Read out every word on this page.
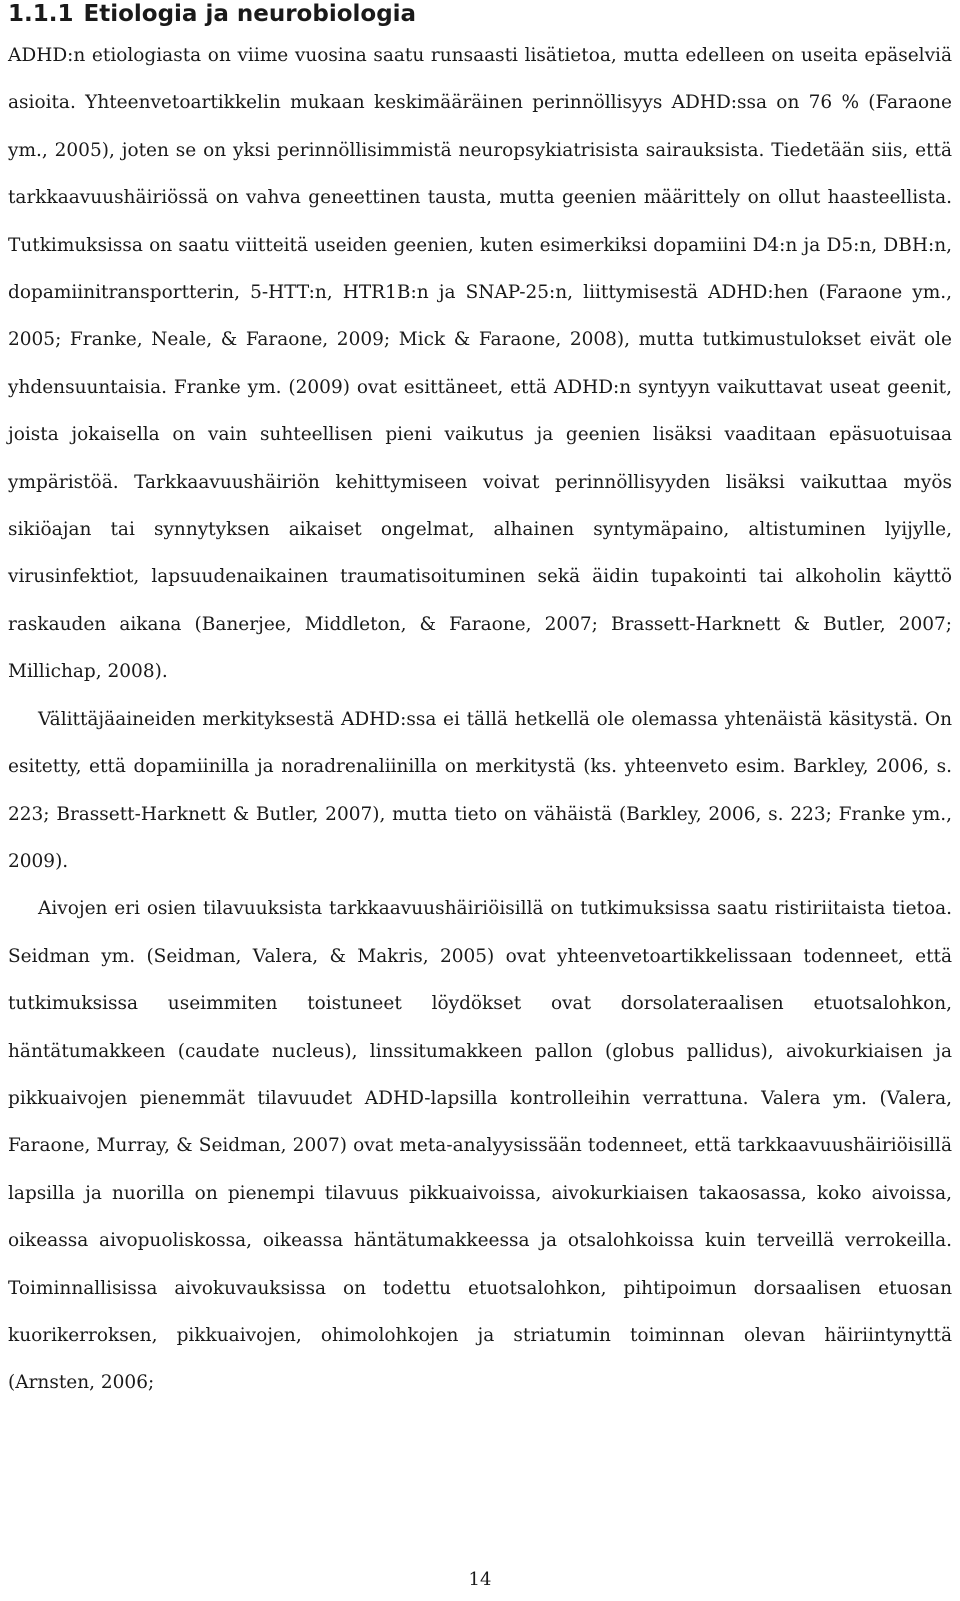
1.1.1 Etiologia ja neurobiologia

ADHD:n etiologiasta on viime vuosina saatu runsaasti lisätietoa, mutta edelleen on useita epäselviä asioita. Yhteenvetoartikkelin mukaan keskimääräinen perinnöllisyys ADHD:ssa on 76 % (Faraone ym., 2005), joten se on yksi perinnöllisimmistä neuropsykiatrisista sairauksista. Tiedetään siis, että tarkkaavuushäiriössä on vahva geneettinen tausta, mutta geenien määrittely on ollut haasteellista. Tutkimuksissa on saatu viitteitä useiden geenien, kuten esimerkiksi dopamiini D4:n ja D5:n, DBH:n, dopamiinitransportterin, 5-HTT:n, HTR1B:n ja SNAP-25:n, liittymisestä ADHD:hen (Faraone ym., 2005; Franke, Neale, & Faraone, 2009; Mick & Faraone, 2008), mutta tutkimustulokset eivät ole yhdensuuntaisia. Franke ym. (2009) ovat esittäneet, että ADHD:n syntyyn vaikuttavat useat geenit, joista jokaisella on vain suhteellisen pieni vaikutus ja geenien lisäksi vaaditaan epäsuotuisaa ympäristöä. Tarkkaavuushäiriön kehittymiseen voivat perinnöllisyyden lisäksi vaikuttaa myös sikiöajan tai synnytyksen aikaiset ongelmat, alhainen syntymäpaino, altistuminen lyijylle, virusinfektiot, lapsuudenaikainen traumatisoituminen sekä äidin tupakointi tai alkoholin käyttö raskauden aikana (Banerjee, Middleton, & Faraone, 2007; Brassett-Harknett & Butler, 2007; Millichap, 2008).

Välittäjäaineiden merkityksestä ADHD:ssa ei tällä hetkellä ole olemassa yhtenäistä käsitystä. On esitetty, että dopamiinilla ja noradrenaliinilla on merkitystä (ks. yhteenveto esim. Barkley, 2006, s. 223; Brassett-Harknett & Butler, 2007), mutta tieto on vähäistä (Barkley, 2006, s. 223; Franke ym., 2009).

Aivojen eri osien tilavuuksista tarkkaavuushäiriöisillä on tutkimuksissa saatu ristiriitaista tietoa. Seidman ym. (Seidman, Valera, & Makris, 2005) ovat yhteenvetoartikkelissaan todenneet, että tutkimuksissa useimmiten toistuneet löydökset ovat dorsolateraalisen etuotsalohkon, häntätumakkeen (caudate nucleus), linssitumakkeen pallon (globus pallidus), aivokurkiaisen ja pikkuaivojen pienemmät tilavuudet ADHD-lapsilla kontrolleihin verrattuna. Valera ym. (Valera, Faraone, Murray, & Seidman, 2007) ovat meta-analyysissään todenneet, että tarkkaavuushäiriöisillä lapsilla ja nuorilla on pienempi tilavuus pikkuaivoissa, aivokurkiaisen takaosassa, koko aivoissa, oikeassa aivopuoliskossa, oikeassa häntätumakkeessa ja otsalohkoissa kuin terveillä verrokeilla. Toiminnallisissa aivokuvauksissa on todettu etuotsalohkon, pihtipoimun dorsaalisen etuosan kuorikerroksen, pikkuaivojen, ohimolohkojen ja striatumin toiminnan olevan häiriintynyttä (Arnsten, 2006;

14
